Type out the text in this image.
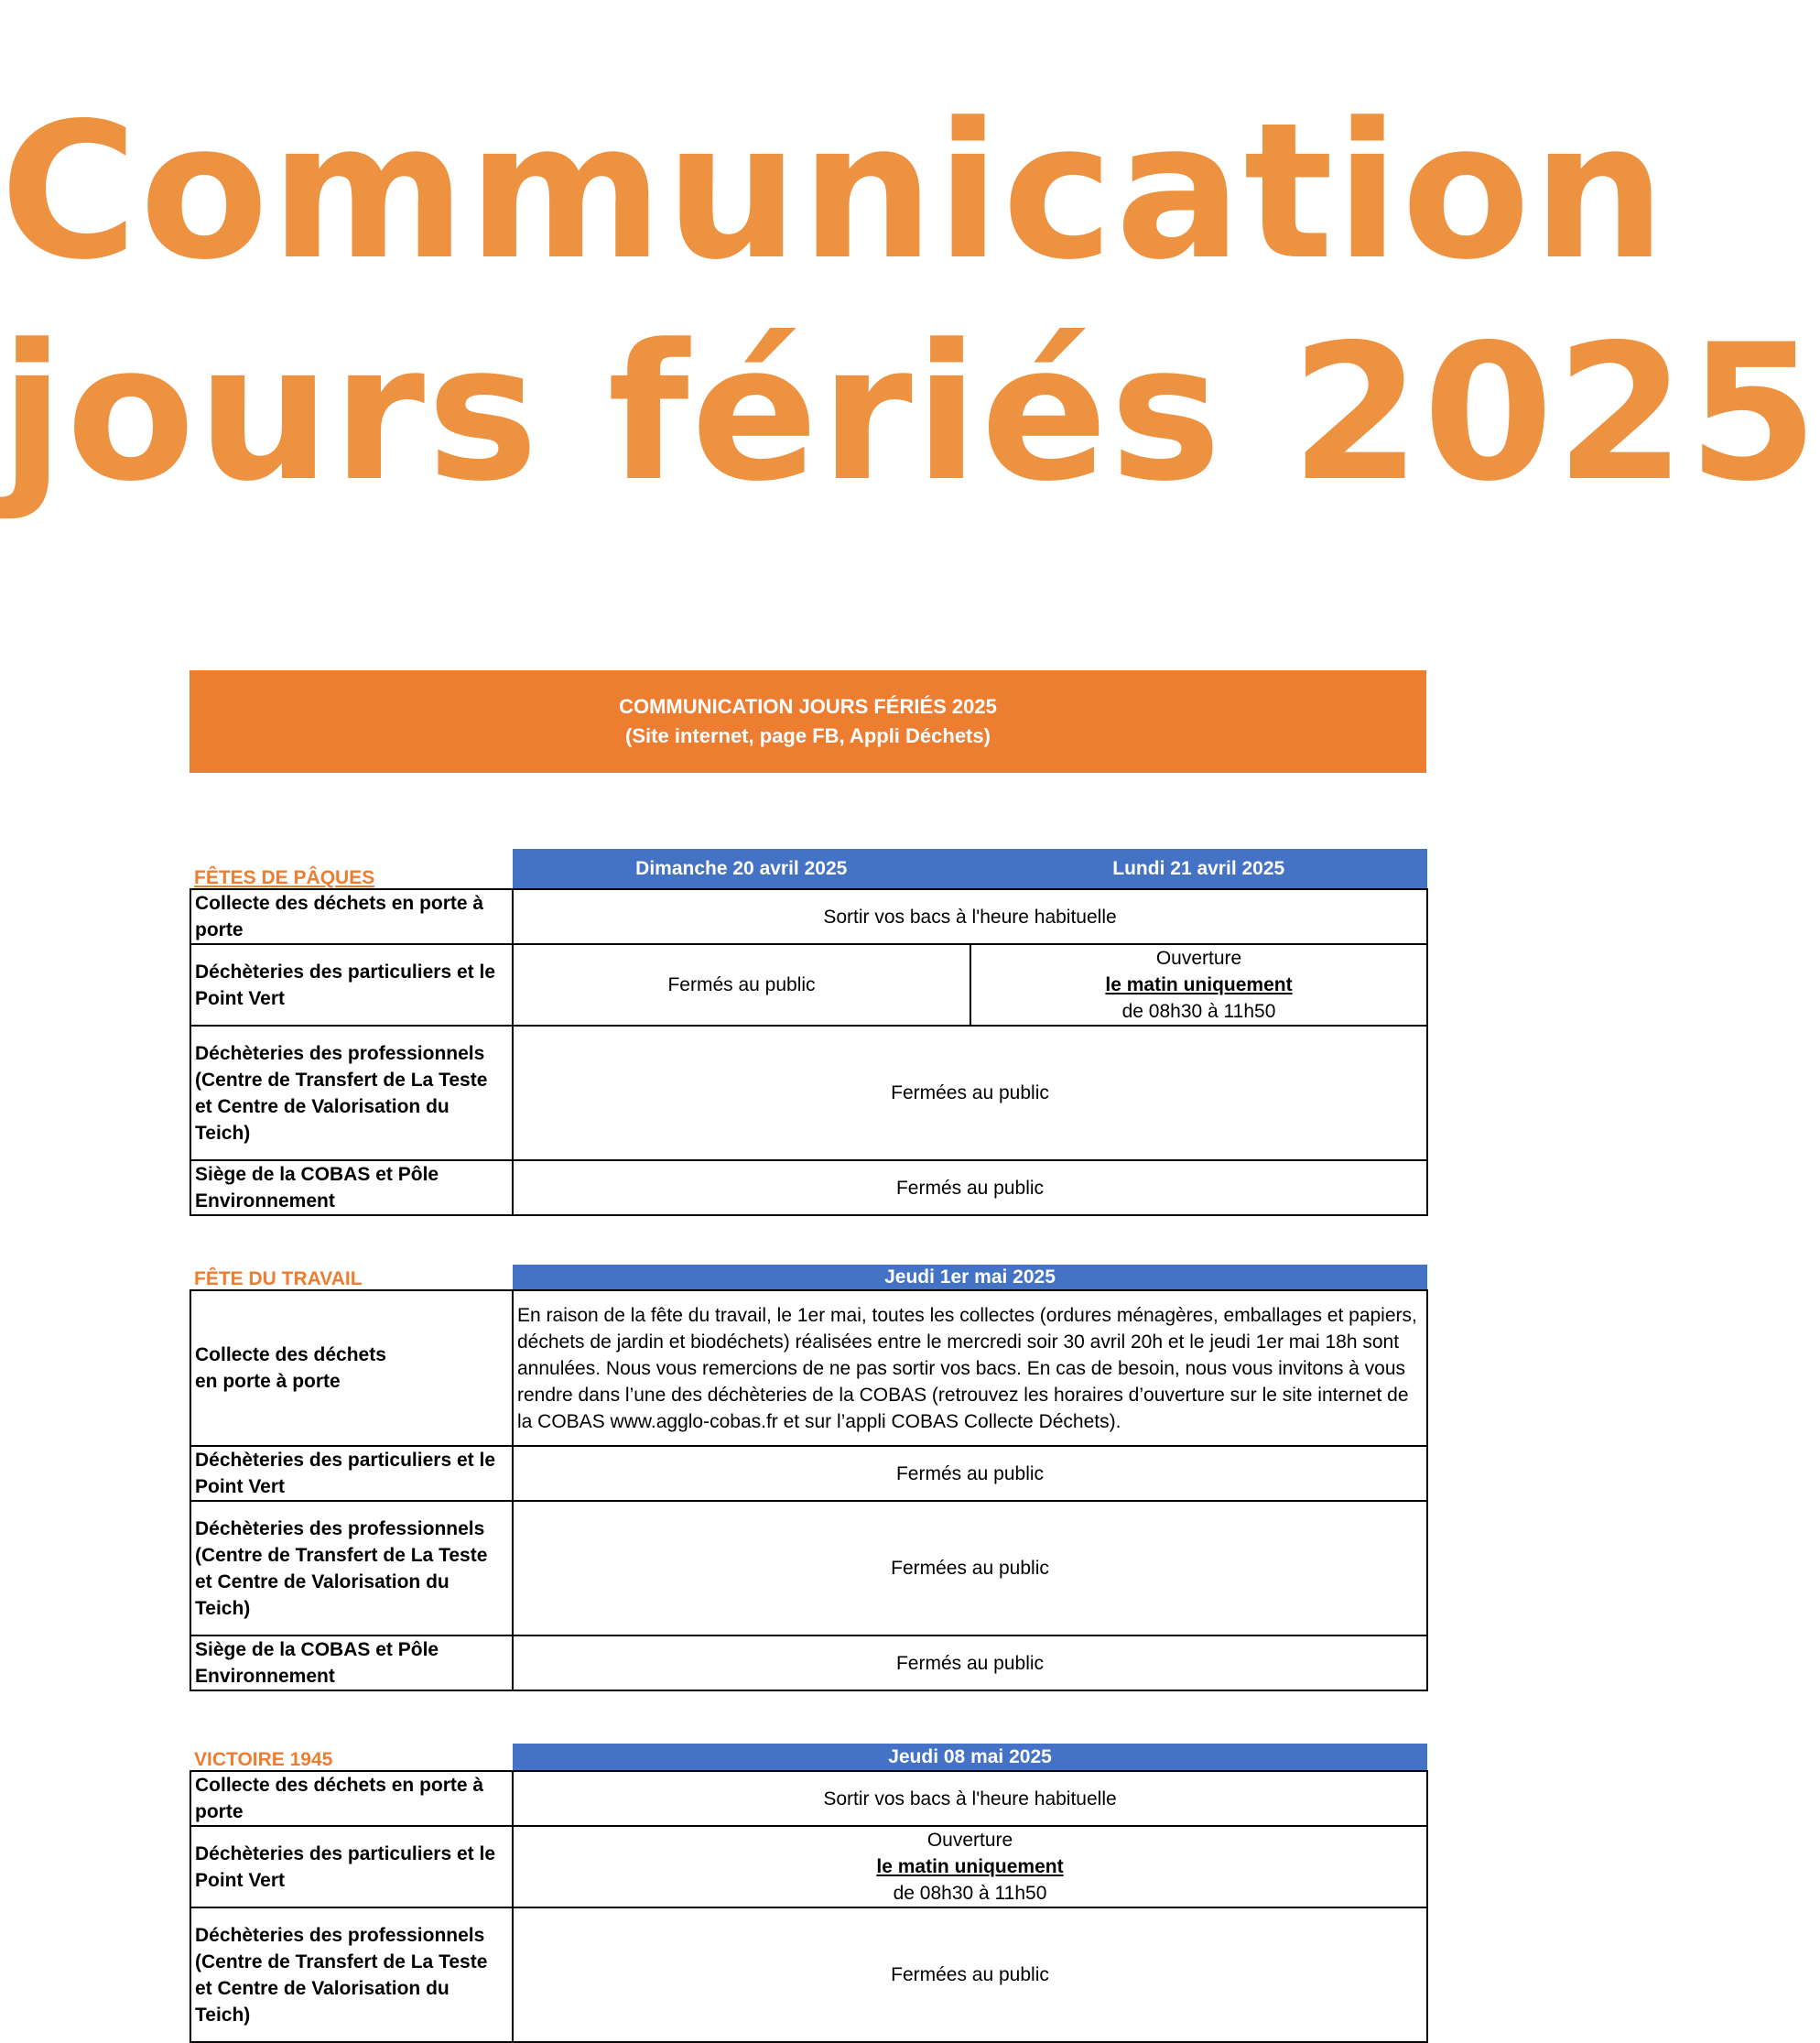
Communication
jours fériés 2025
COMMUNICATION JOURS FÉRIÉS 2025
(Site internet, page FB, Appli Déchets)
FÊTES DE PÂQUES	Dimanche 20 avril 2025 Lundi 21 avril 2025	

Collecte des déchets en porte à porte	Sortir vos bacs à l'heure habituelle	
Déchèteries des particuliers et le Point Vert	Fermés au public	Ouverture
le matin uniquement
de 08h30 à 11h50

Déchèteries des professionnels (Centre de Transfert de La Teste et Centre de Valorisation du Teich)	Fermées au public	
Siège de la COBAS et Pôle Environnement	Fermés au public	
FÊTE DU TRAVAIL	Jeudi 1er mai 2025

Collecte des déchets
en porte à porte	En raison de la fête du travail, le 1er mai, toutes les collectes (ordures ménagères, emballages et papiers, déchets de jardin et biodéchets) réalisées entre le mercredi soir 30 avril 20h et le jeudi 1er mai 18h sont annulées. Nous vous remercions de ne pas sortir vos bacs. En cas de besoin, nous vous invitons à vous rendre dans l’une des déchèteries de la COBAS (retrouvez les horaires d’ouverture sur le site internet de la COBAS www.agglo-cobas.fr et sur l’appli COBAS Collecte Déchets).
Déchèteries des particuliers et le Point Vert	Fermés au public
Déchèteries des professionnels (Centre de Transfert de La Teste et Centre de Valorisation du Teich)	Fermées au public
Siège de la COBAS et Pôle Environnement	Fermés au public
VICTOIRE 1945	Jeudi 08 mai 2025
Collecte des déchets en porte à porte	Sortir vos bacs à l'heure habituelle
Déchèteries des particuliers et le Point Vert	Ouverture
le matin uniquement
de 08h30 à 11h50

Déchèteries des professionnels (Centre de Transfert de La Teste et Centre de Valorisation du Teich)	Fermées au public
